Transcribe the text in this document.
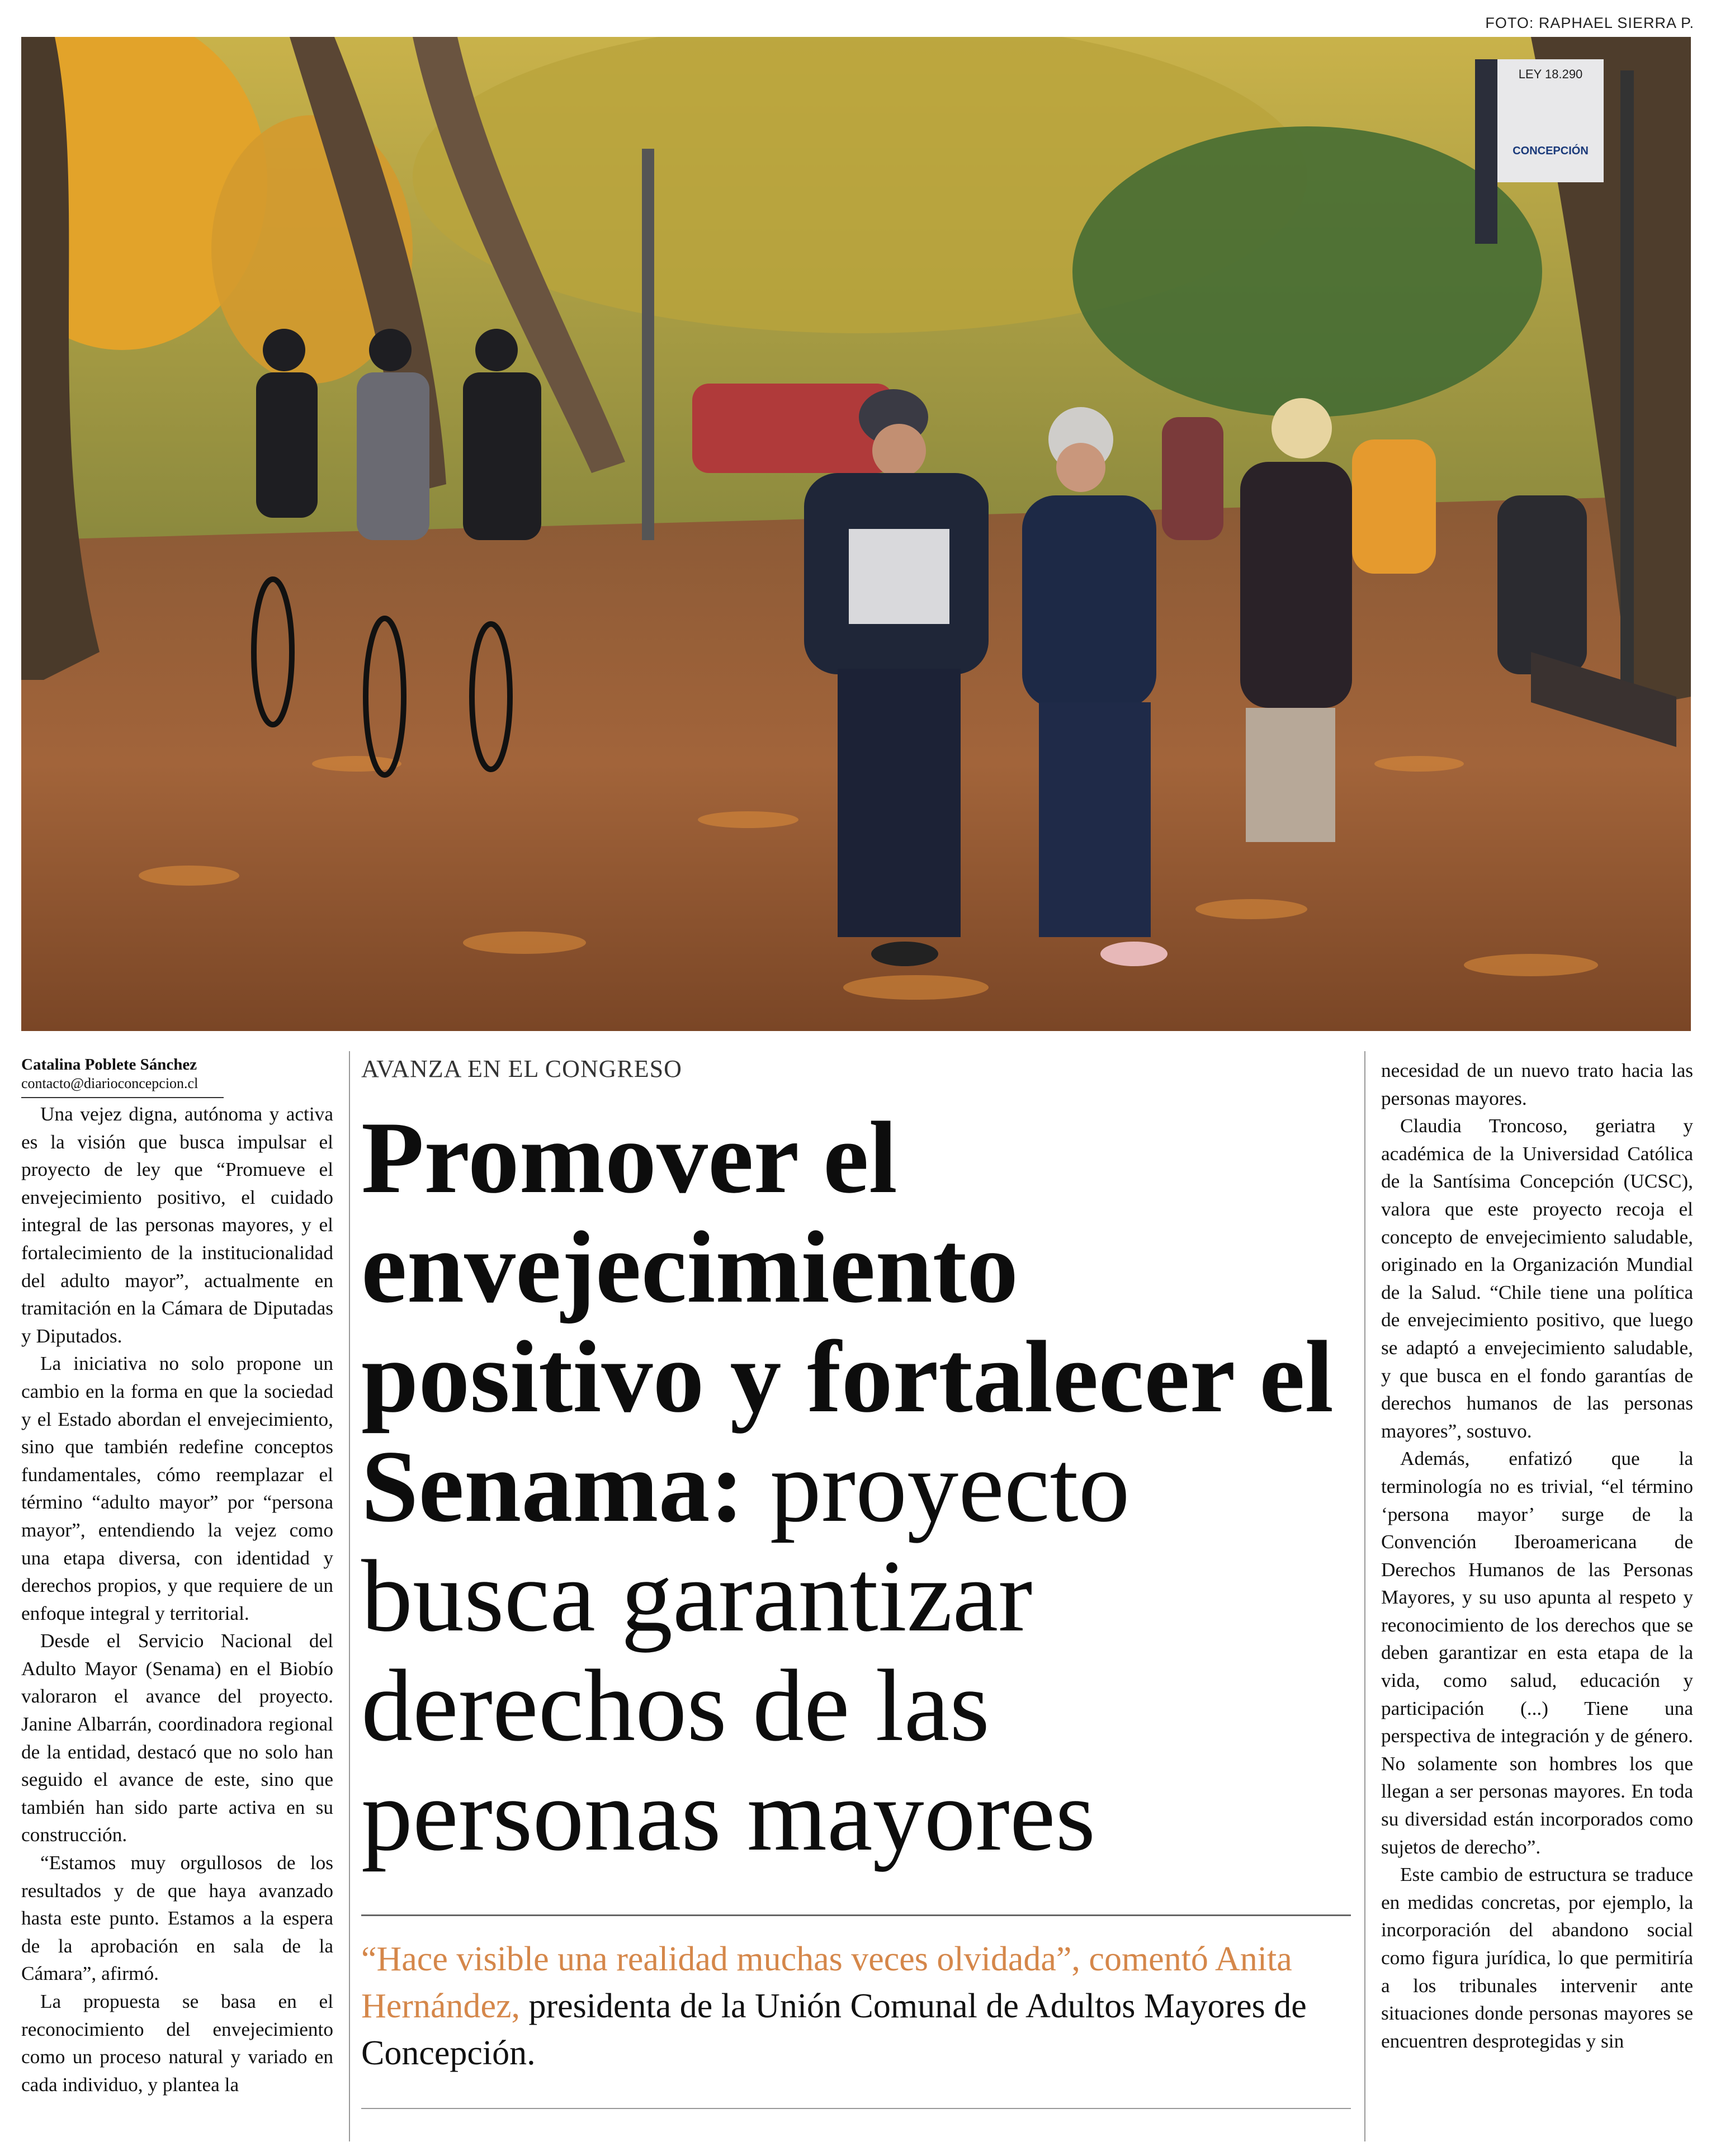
FOTO: RAPHAEL SIERRA P.
LEY 18.290
CONCEPCIÓN
Catalina Poblete Sánchez
contacto@diarioconcepcion.cl

Una vejez digna, autónoma y activa es la visión que busca impulsar el proyecto de ley que “Promueve el envejecimiento positivo, el cuidado integral de las personas mayores, y el fortalecimiento de la institucionalidad del adulto mayor”, actualmente en tramitación en la Cámara de Diputadas y Diputados.

La iniciativa no solo propone un cambio en la forma en que la sociedad y el Estado abordan el envejecimiento, sino que también redefine conceptos fundamentales, cómo reemplazar el término “adulto mayor” por “persona mayor”, entendiendo la vejez como una etapa diversa, con identidad y derechos propios, y que requiere de un enfoque integral y territorial.

Desde el Servicio Nacional del Adulto Mayor (Senama) en el Biobío valoraron el avance del proyecto. Janine Albarrán, coordinadora regional de la entidad, destacó que no solo han seguido el avance de este, sino que también han sido parte activa en su construcción.

“Estamos muy orgullosos de los resultados y de que haya avanzado hasta este punto. Estamos a la espera de la aprobación en sala de la Cámara”, afirmó.

La propuesta se basa en el reconocimiento del envejecimiento como un proceso natural y variado en cada individuo, y plantea la

AVANZA EN EL CONGRESO
Promover el envejecimiento positivo y fortalecer el Senama: proyecto busca garantizar derechos de las personas mayores

“Hace visible una realidad muchas veces olvidada”, comentó Anita Hernández, presidenta de la Unión Comunal de Adultos Mayores de Concepción.

necesidad de un nuevo trato hacia las personas mayores.

Claudia Troncoso, geriatra y académica de la Universidad Católica de la Santísima Concepción (UCSC), valora que este proyecto recoja el concepto de envejecimiento saludable, originado en la Organización Mundial de la Salud. “Chile tiene una política de envejecimiento positivo, que luego se adaptó a envejecimiento saludable, y que busca en el fondo garantías de derechos humanos de las personas mayores”, sostuvo.

Además, enfatizó que la terminología no es trivial, “el término ‘persona mayor’ surge de la Convención Iberoamericana de Derechos Humanos de las Personas Mayores, y su uso apunta al respeto y reconocimiento de los derechos que se deben garantizar en esta etapa de la vida, como salud, educación y participación (...) Tiene una perspectiva de integración y de género. No solamente son hombres los que llegan a ser personas mayores. En toda su diversidad están incorporados como sujetos de derecho”.

Este cambio de estructura se traduce en medidas concretas, por ejemplo, la incorporación del abandono social como figura jurídica, lo que permitiría a los tribunales intervenir ante situaciones donde personas mayores se encuentren desprotegidas y sin
